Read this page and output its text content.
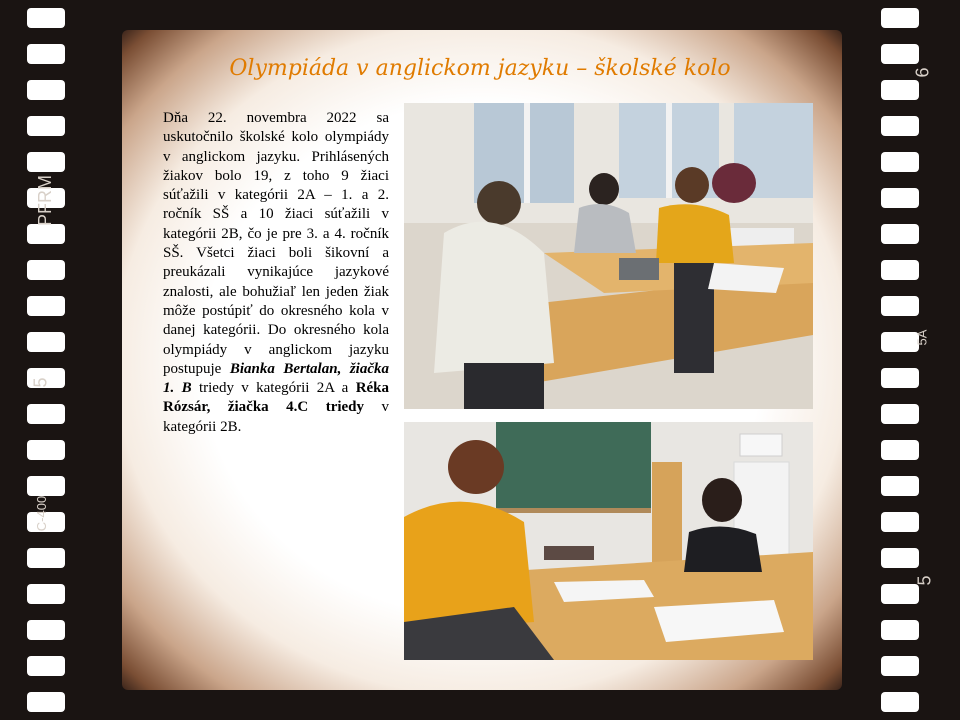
PFRM
5
C-400
6
5A
5
Olympiáda v anglickom jazyku – školské kolo
Dňa 22. novembra 2022 sa uskutočnilo školské kolo olympiády v anglickom jazyku. Prihlásených žiakov bolo 19, z toho 9 žiaci súťažili v kategórii 2A – 1. a 2. ročník SŠ a 10 žiaci súťažili v kategórii 2B, čo je pre 3. a 4. ročník SŠ. Všetci žiaci boli šikovní a preukázali vynikajúce jazykové znalosti, ale bohužiaľ len jeden žiak môže postúpiť do okresného kola v danej kategórii. Do okresného kola olympiády v anglickom jazyku postupuje Bianka Bertalan, žiačka 1. B triedy v kategórii 2A a Réka Rózsár, žiačka 4.C triedy v kategórii 2B.
